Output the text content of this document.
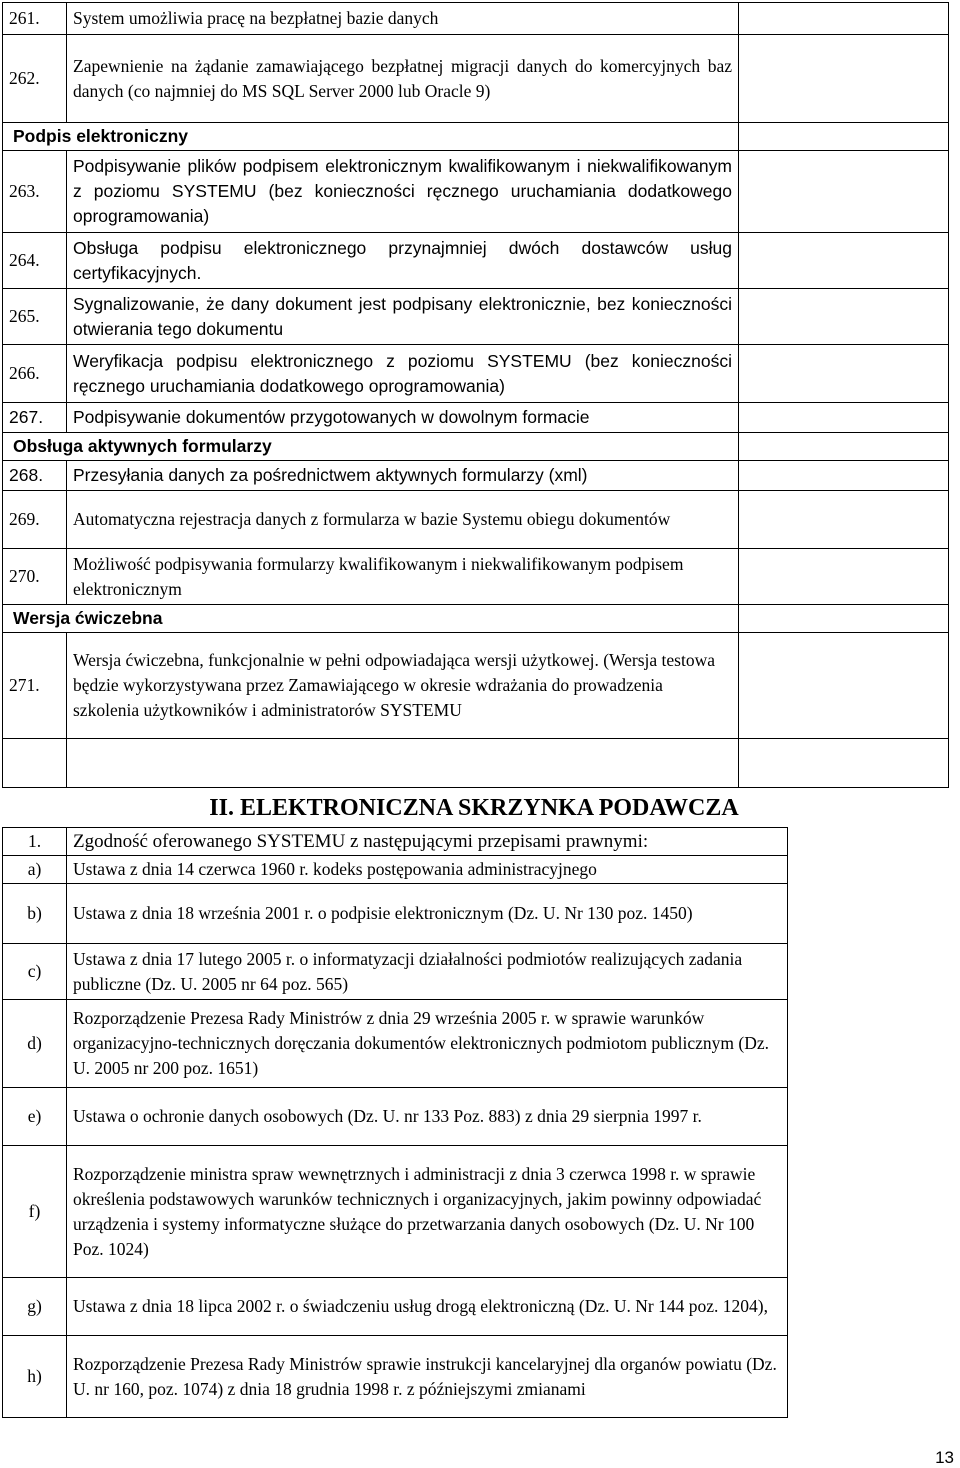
261.	System umożliwia pracę na bezpłatnej bazie danych	
262.	Zapewnienie na żądanie zamawiającego bezpłatnej migracji danych do komercyjnych baz danych (co najmniej do MS SQL Server 2000 lub Oracle 9)	
Podpis elektroniczny		
263.	Podpisywanie plików podpisem elektronicznym kwalifikowanym i niekwalifikowanym z poziomu SYSTEMU (bez konieczności ręcznego uruchamiania dodatkowego oprogramowania)	
264.	Obsługa podpisu elektronicznego przynajmniej dwóch dostawców usług certyfikacyjnych.	
265.	Sygnalizowanie, że dany dokument jest podpisany elektronicznie, bez konieczności otwierania tego dokumentu	
266.	Weryfikacja podpisu elektronicznego z poziomu SYSTEMU (bez konieczności ręcznego uruchamiania dodatkowego oprogramowania)	
267.	Podpisywanie dokumentów przygotowanych w dowolnym formacie	
Obsługa aktywnych formularzy		
268.	Przesyłania danych za pośrednictwem aktywnych formularzy (xml)	
269.	Automatyczna rejestracja danych z formularza w bazie Systemu obiegu dokumentów	
270.	Możliwość podpisywania formularzy kwalifikowanym i niekwalifikowanym podpisem elektronicznym	
Wersja ćwiczebna		
271.	Wersja ćwiczebna, funkcjonalnie w pełni odpowiadająca wersji użytkowej. (Wersja testowa będzie wykorzystywana przez Zamawiającego w okresie wdrażania do prowadzenia szkolenia użytkowników i administratorów SYSTEMU	

II. ELEKTRONICZNA SKRZYNKA PODAWCZA
1.	Zgodność oferowanego SYSTEMU z następującymi przepisami prawnymi:
a)	Ustawa z dnia 14 czerwca 1960 r. kodeks postępowania administracyjnego
b)	Ustawa z dnia 18 września 2001 r. o podpisie elektronicznym (Dz. U. Nr 130 poz. 1450)
c)	Ustawa z dnia 17 lutego 2005 r. o informatyzacji działalności podmiotów realizujących zadania publiczne (Dz. U. 2005 nr 64 poz. 565)
d)	Rozporządzenie Prezesa Rady Ministrów z dnia 29 września 2005 r. w sprawie warunków organizacyjno-technicznych doręczania dokumentów elektronicznych podmiotom publicznym (Dz. U. 2005 nr 200 poz. 1651)
e)	Ustawa o ochronie danych osobowych (Dz. U. nr 133 Poz. 883) z dnia 29 sierpnia 1997 r.
f)	Rozporządzenie ministra spraw wewnętrznych i administracji z dnia 3 czerwca 1998 r. w sprawie określenia podstawowych warunków technicznych i organizacyjnych, jakim powinny odpowiadać urządzenia i systemy informatyczne służące do przetwarzania danych osobowych (Dz. U. Nr 100 Poz. 1024)
g)	Ustawa z dnia 18 lipca 2002 r. o świadczeniu usług drogą elektroniczną (Dz. U. Nr 144 poz. 1204),
h)	Rozporządzenie Prezesa Rady Ministrów sprawie instrukcji kancelaryjnej dla organów powiatu (Dz. U. nr 160, poz. 1074) z dnia 18 grudnia 1998 r. z późniejszymi zmianami
13
